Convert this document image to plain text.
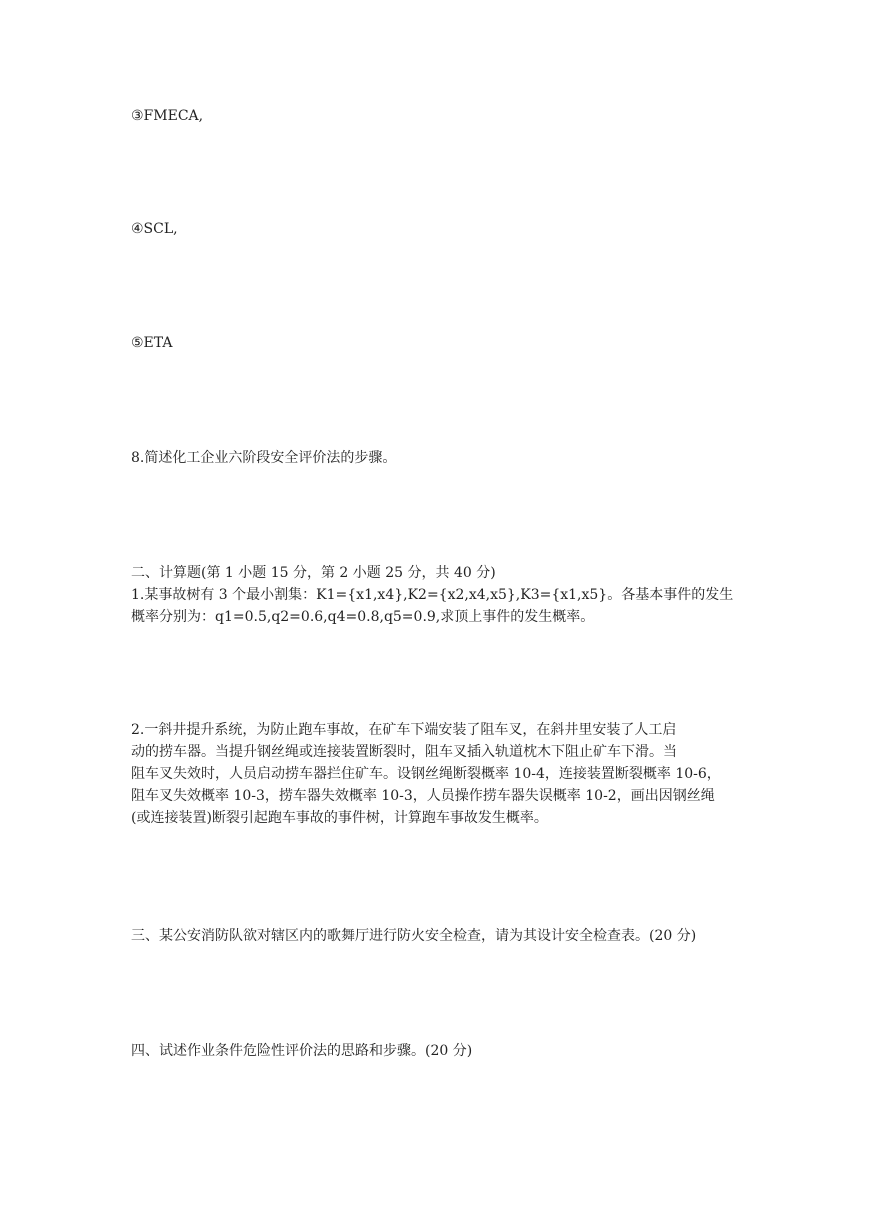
③FMECA,

④SCL,

⑤ETA

8.简述化工企业六阶段安全评价法的步骤。

二、计算题(第 1 小题 15 分，第 2 小题 25 分，共 40 分)

1.某事故树有 3 个最小割集：K1={x1,x4},K2={x2,x4,x5},K3={x1,x5}。各基本事件的发生
概率分别为：q1=0.5,q2=0.6,q4=0.8,q5=0.9,求顶上事件的发生概率。
2.一斜井提升系统，为防止跑车事故，在矿车下端安装了阻车叉，在斜井里安装了人工启
动的捞车器。当提升钢丝绳或连接装置断裂时，阻车叉插入轨道枕木下阻止矿车下滑。当
阻车叉失效时，人员启动捞车器拦住矿车。设钢丝绳断裂概率 10-4，连接装置断裂概率 10-6，
阻车叉失效概率 10-3，捞车器失效概率 10-3，人员操作捞车器失误概率 10-2，画出因钢丝绳
(或连接装置)断裂引起跑车事故的事件树，计算跑车事故发生概率。

三、某公安消防队欲对辖区内的歌舞厅进行防火安全检查，请为其设计安全检查表。(20 分)

四、试述作业条件危险性评价法的思路和步骤。(20 分)
